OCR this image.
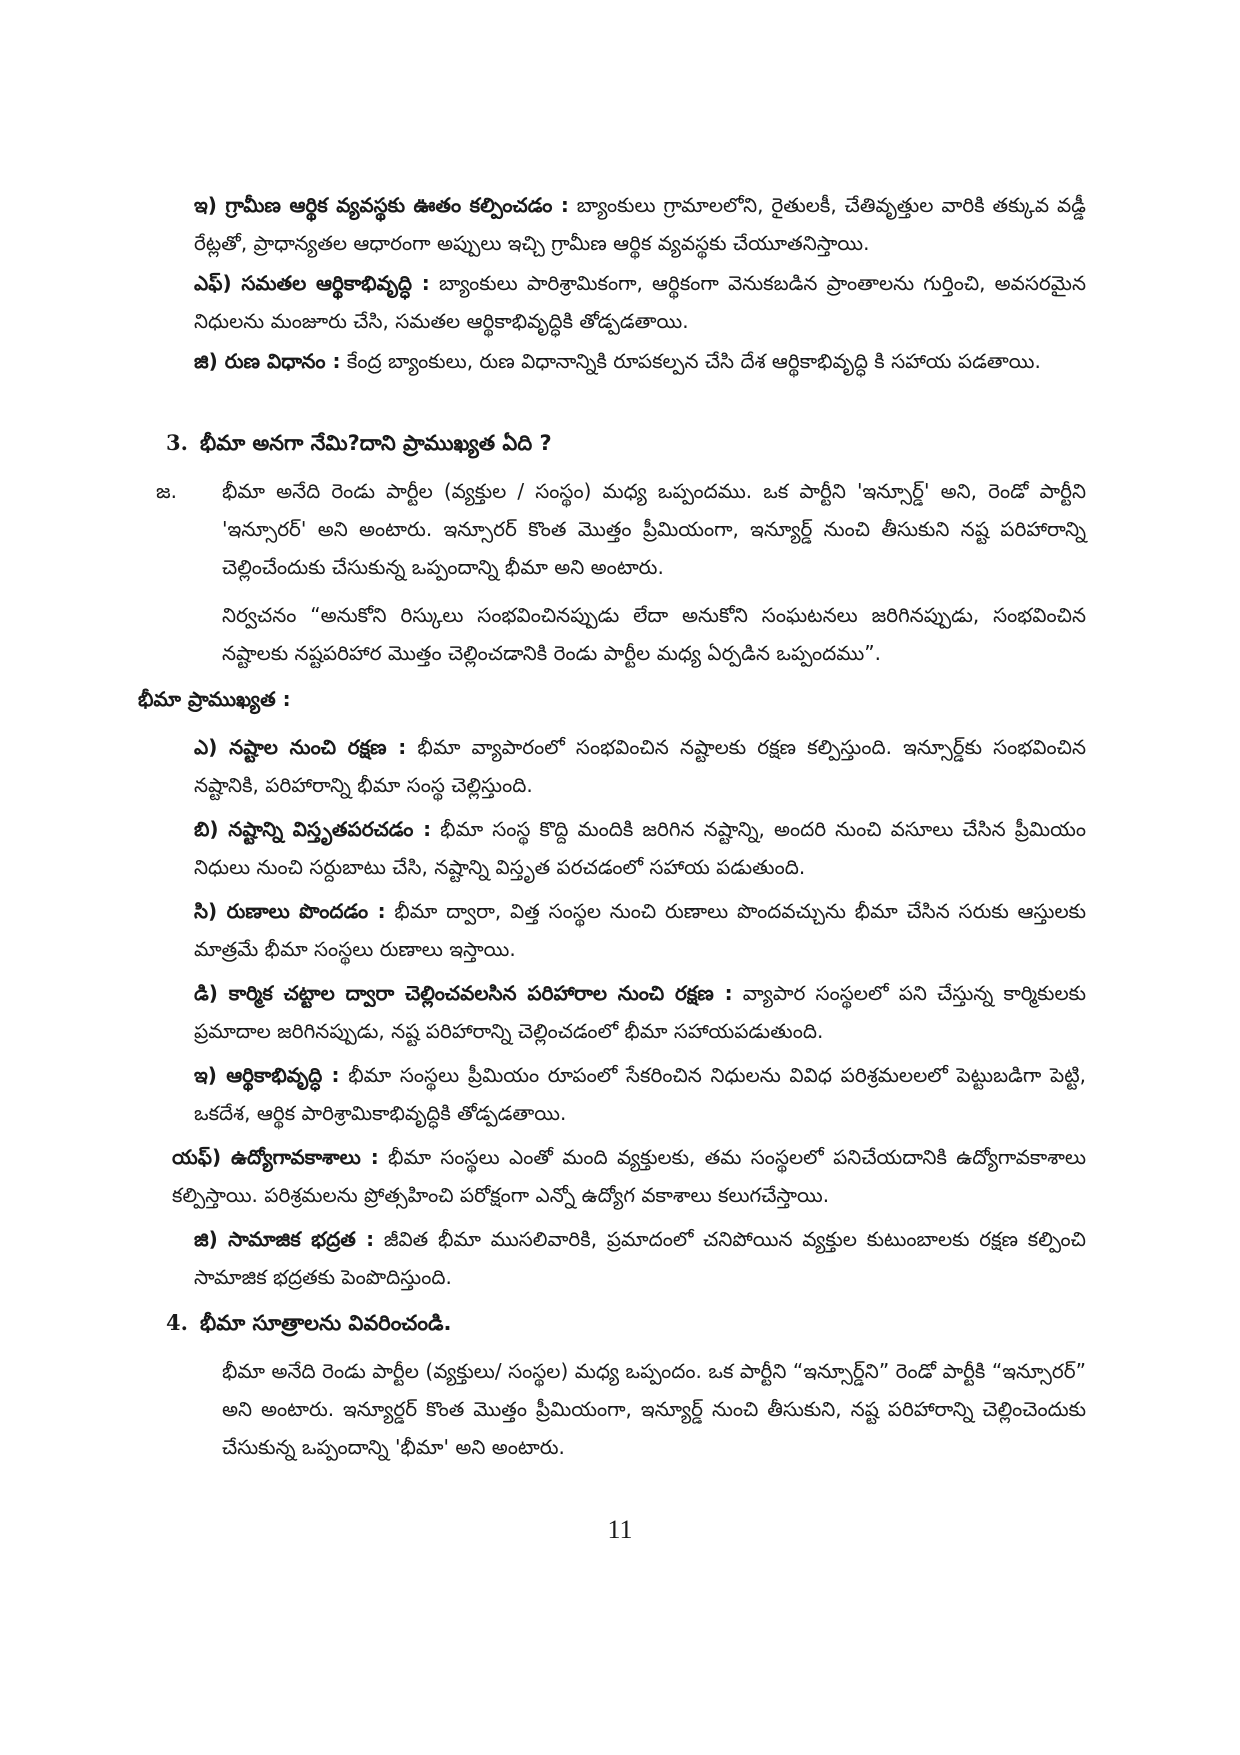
ఇ) గ్రామీణ ఆర్థిక వ్యవస్థకు ఊతం కల్పించడం : బ్యాంకులు గ్రామాలలోని, రైతులకీ, చేతివృత్తుల వారికి తక్కువ వడ్డీ రేట్లతో, ప్రాధాన్యతల ఆధారంగా అప్పులు ఇచ్చి గ్రామీణ ఆర్థిక వ్యవస్థకు చేయూతనిస్తాయి.

ఎఫ్) సమతల ఆర్థికాభివృద్ధి : బ్యాంకులు పారిశ్రామికంగా, ఆర్థికంగా వెనుకబడిన ప్రాంతాలను గుర్తించి, అవసరమైన నిధులను మంజూరు చేసి, సమతల ఆర్థికాభివృద్ధికి తోడ్పడతాయి.

జి) రుణ విధానం : కేంద్ర బ్యాంకులు, రుణ విధానాన్నికి రూపకల్పన చేసి దేశ ఆర్థికాభివృద్ధి కి సహాయ పడతాయి.

3. భీమా అనగా నేమి?దాని ప్రాముఖ్యత ఏది ?
జ. భీమా అనేది రెండు పార్టీల (వ్యక్తుల / సంస్థం) మధ్య ఒప్పందము. ఒక పార్టీని 'ఇన్సూర్డ్' అని, రెండో పార్టీని 'ఇన్సూరర్' అని అంటారు. ఇన్సూరర్ కొంత మొత్తం ప్రీమియంగా, ఇన్యూర్డ్ నుంచి తీసుకుని నష్ట పరిహారాన్ని చెల్లించేందుకు చేసుకున్న ఒప్పందాన్ని భీమా అని అంటారు.

నిర్వచనం “అనుకోని రిస్కులు సంభవించినప్పుడు లేదా అనుకోని సంఘటనలు జరిగినప్పుడు, సంభవించిన నష్టాలకు నష్టపరిహార మొత్తం చెల్లించడానికి రెండు పార్టీల మధ్య ఏర్పడిన ఒప్పందము”.

భీమా ప్రాముఖ్యత :

ఎ) నష్టాల నుంచి రక్షణ : భీమా వ్యాపారంలో సంభవించిన నష్టాలకు రక్షణ కల్పిస్తుంది. ఇన్సూర్డ్‌కు సంభవించిన నష్టానికి, పరిహారాన్ని భీమా సంస్థ చెల్లిస్తుంది.

బి) నష్టాన్ని విస్తృతపరచడం : భీమా సంస్థ కొద్ది మందికి జరిగిన నష్టాన్ని, అందరి నుంచి వసూలు చేసిన ప్రీమియం నిధులు నుంచి సర్దుబాటు చేసి, నష్టాన్ని విస్తృత పరచడంలో సహాయ పడుతుంది.

సి) రుణాలు పొందడం : భీమా ద్వారా, విత్త సంస్థల నుంచి రుణాలు పొందవచ్చును భీమా చేసిన సరుకు ఆస్తులకు మాత్రమే భీమా సంస్థలు రుణాలు ఇస్తాయి.

డి) కార్మిక చట్టాల ద్వారా చెల్లించవలసిన పరిహారాల నుంచి రక్షణ : వ్యాపార సంస్థలలో పని చేస్తున్న కార్మికులకు ప్రమాదాల జరిగినప్పుడు, నష్ట పరిహారాన్ని చెల్లించడంలో భీమా సహాయపడుతుంది.

ఇ) ఆర్థికాభివృద్ధి : భీమా సంస్థలు ప్రీమియం రూపంలో సేకరించిన నిధులను వివిధ పరిశ్రమలలలో పెట్టుబడిగా పెట్టి, ఒకదేశ, ఆర్థిక పారిశ్రామికాభివృద్ధికి తోడ్పడతాయి.

యఫ్) ఉద్యోగావకాశాలు : భీమా సంస్థలు ఎంతో మంది వ్యక్తులకు, తమ సంస్థలలో పనిచేయదానికి ఉద్యోగావకాశాలు కల్పిస్తాయి. పరిశ్రమలను ప్రోత్సహించి పరోక్షంగా ఎన్నో ఉద్యోగ వకాశాలు కలుగచేస్తాయి.

జి) సామాజిక భద్రత : జీవిత భీమా ముసలివారికి, ప్రమాదంలో చనిపోయిన వ్యక్తుల కుటుంబాలకు రక్షణ కల్పించి సామాజిక భద్రతకు పెంపొదిస్తుంది.

4. భీమా సూత్రాలను వివరించండి.

భీమా అనేది రెండు పార్టీల (వ్యక్తులు/ సంస్థల) మధ్య ఒప్పందం. ఒక పార్టీని “ఇన్సూర్డ్‌ని” రెండో పార్టీకి “ఇన్సూరర్” అని అంటారు. ఇన్యూర్డర్ కొంత మొత్తం ప్రీమియంగా, ఇన్యూర్డ్ నుంచి తీసుకుని, నష్ట పరిహారాన్ని చెల్లించెందుకు చేసుకున్న ఒప్పందాన్ని 'భీమా' అని అంటారు.

11
